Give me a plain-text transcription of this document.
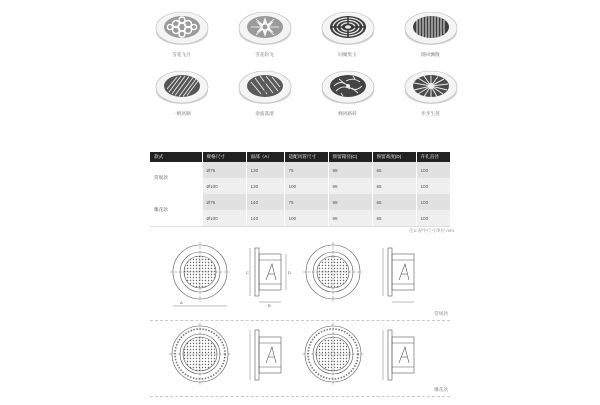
雪花飞月	雪花纷飞	同聚集玉	随风飘散
一帆风顺	余波荡漾	峰回路转	步步生莲
款式	规格尺寸	面部（A）	适配风管尺寸	预留箱径(C)	预留高度(D)	开孔直径
常规款	Ø75	130	75	96	65	100
	Ø100	130	100	96	65	100
雕花款	Ø75	140	75	96	65	100
	Ø100	140	100	96	65	100
注1:表中尺寸单位:mm
A
B
C	D
常规款
雕花款
